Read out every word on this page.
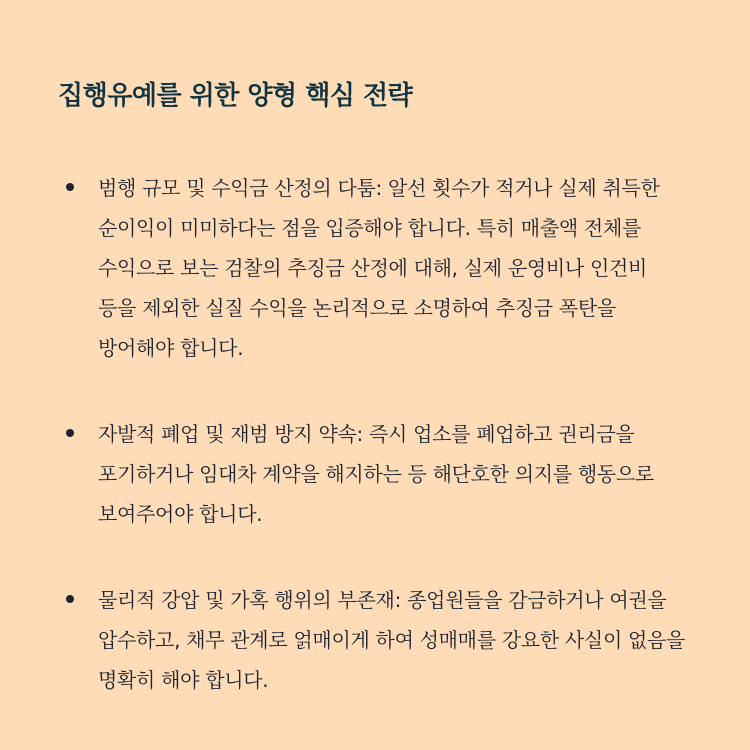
집행유예를 위한 양형 핵심 전략
범행 규모 및 수익금 산정의 다툼: 알선 횟수가 적거나 실제 취득한 순이익이 미미하다는 점을 입증해야 합니다. 특히 매출액 전체를 수익으로 보는 검찰의 추징금 산정에 대해, 실제 운영비나 인건비 등을 제외한 실질 수익을 논리적으로 소명하여 추징금 폭탄을 방어해야 합니다.
자발적 폐업 및 재범 방지 약속: 즉시 업소를 폐업하고 권리금을 포기하거나 임대차 계약을 해지하는 등 해단호한 의지를 행동으로 보여주어야 합니다.
물리적 강압 및 가혹 행위의 부존재: 종업원들을 감금하거나 여권을 압수하고, 채무 관계로 얽매이게 하여 성매매를 강요한 사실이 없음을 명확히 해야 합니다.
